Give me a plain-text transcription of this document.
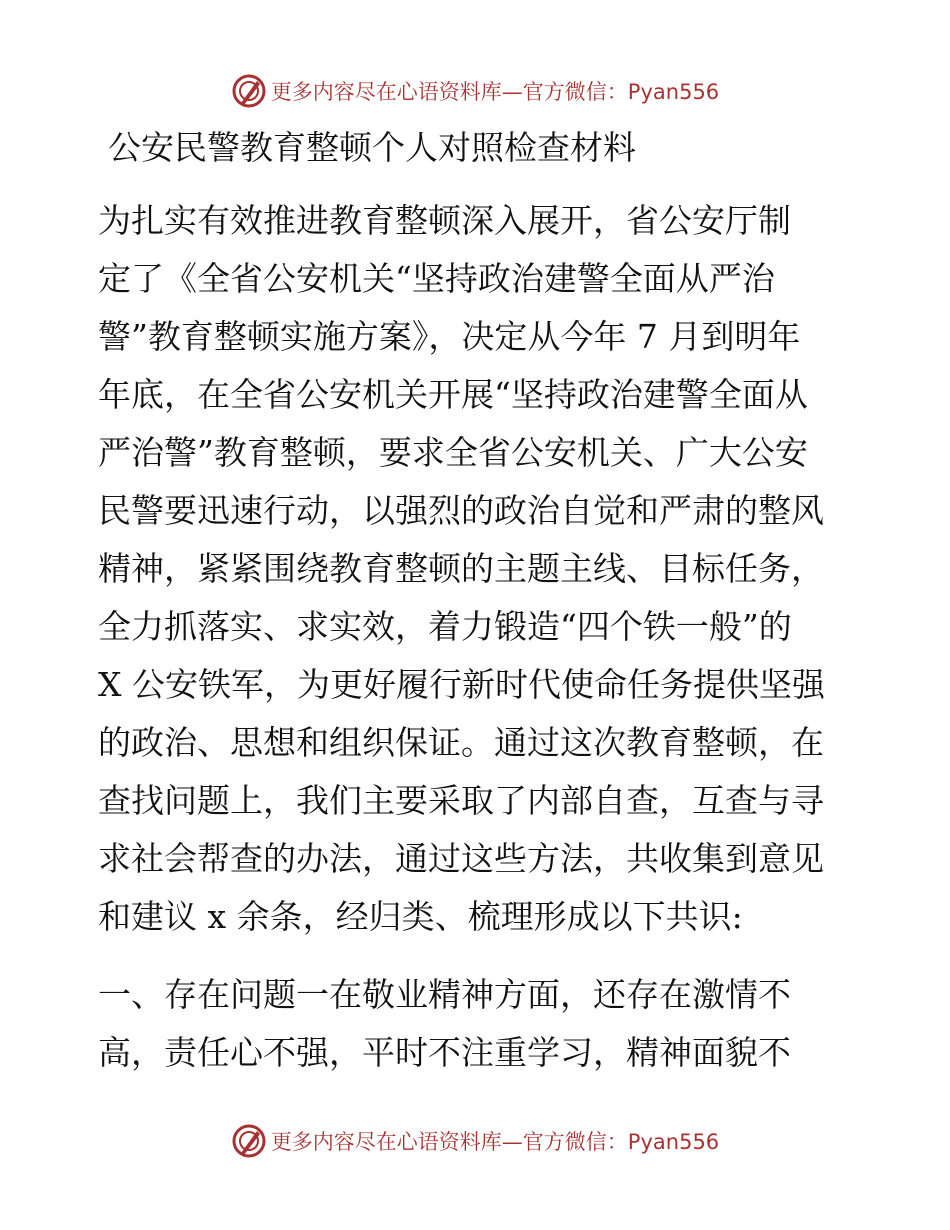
更多内容尽在心语资料库—官方微信：Pyan556
公安民警教育整顿个人对照检查材料

为扎实有效推进教育整顿深入展开，省公安厅制

定了《全省公安机关“坚持政治建警全面从严治

警”教育整顿实施方案》，决定从今年 7 月到明年

年底，在全省公安机关开展“坚持政治建警全面从

严治警”教育整顿，要求全省公安机关、广大公安

民警要迅速行动，以强烈的政治自觉和严肃的整风

精神，紧紧围绕教育整顿的主题主线、目标任务，

全力抓落实、求实效，着力锻造“四个铁一般”的

X 公安铁军，为更好履行新时代使命任务提供坚强

的政治、思想和组织保证。通过这次教育整顿，在

查找问题上，我们主要采取了内部自查，互查与寻

求社会帮查的办法，通过这些方法，共收集到意见

和建议 x 余条，经归类、梳理形成以下共识:

一、存在问题一在敬业精神方面，还存在激情不

高，责任心不强，平时不注重学习，精神面貌不

更多内容尽在心语资料库—官方微信：Pyan556
